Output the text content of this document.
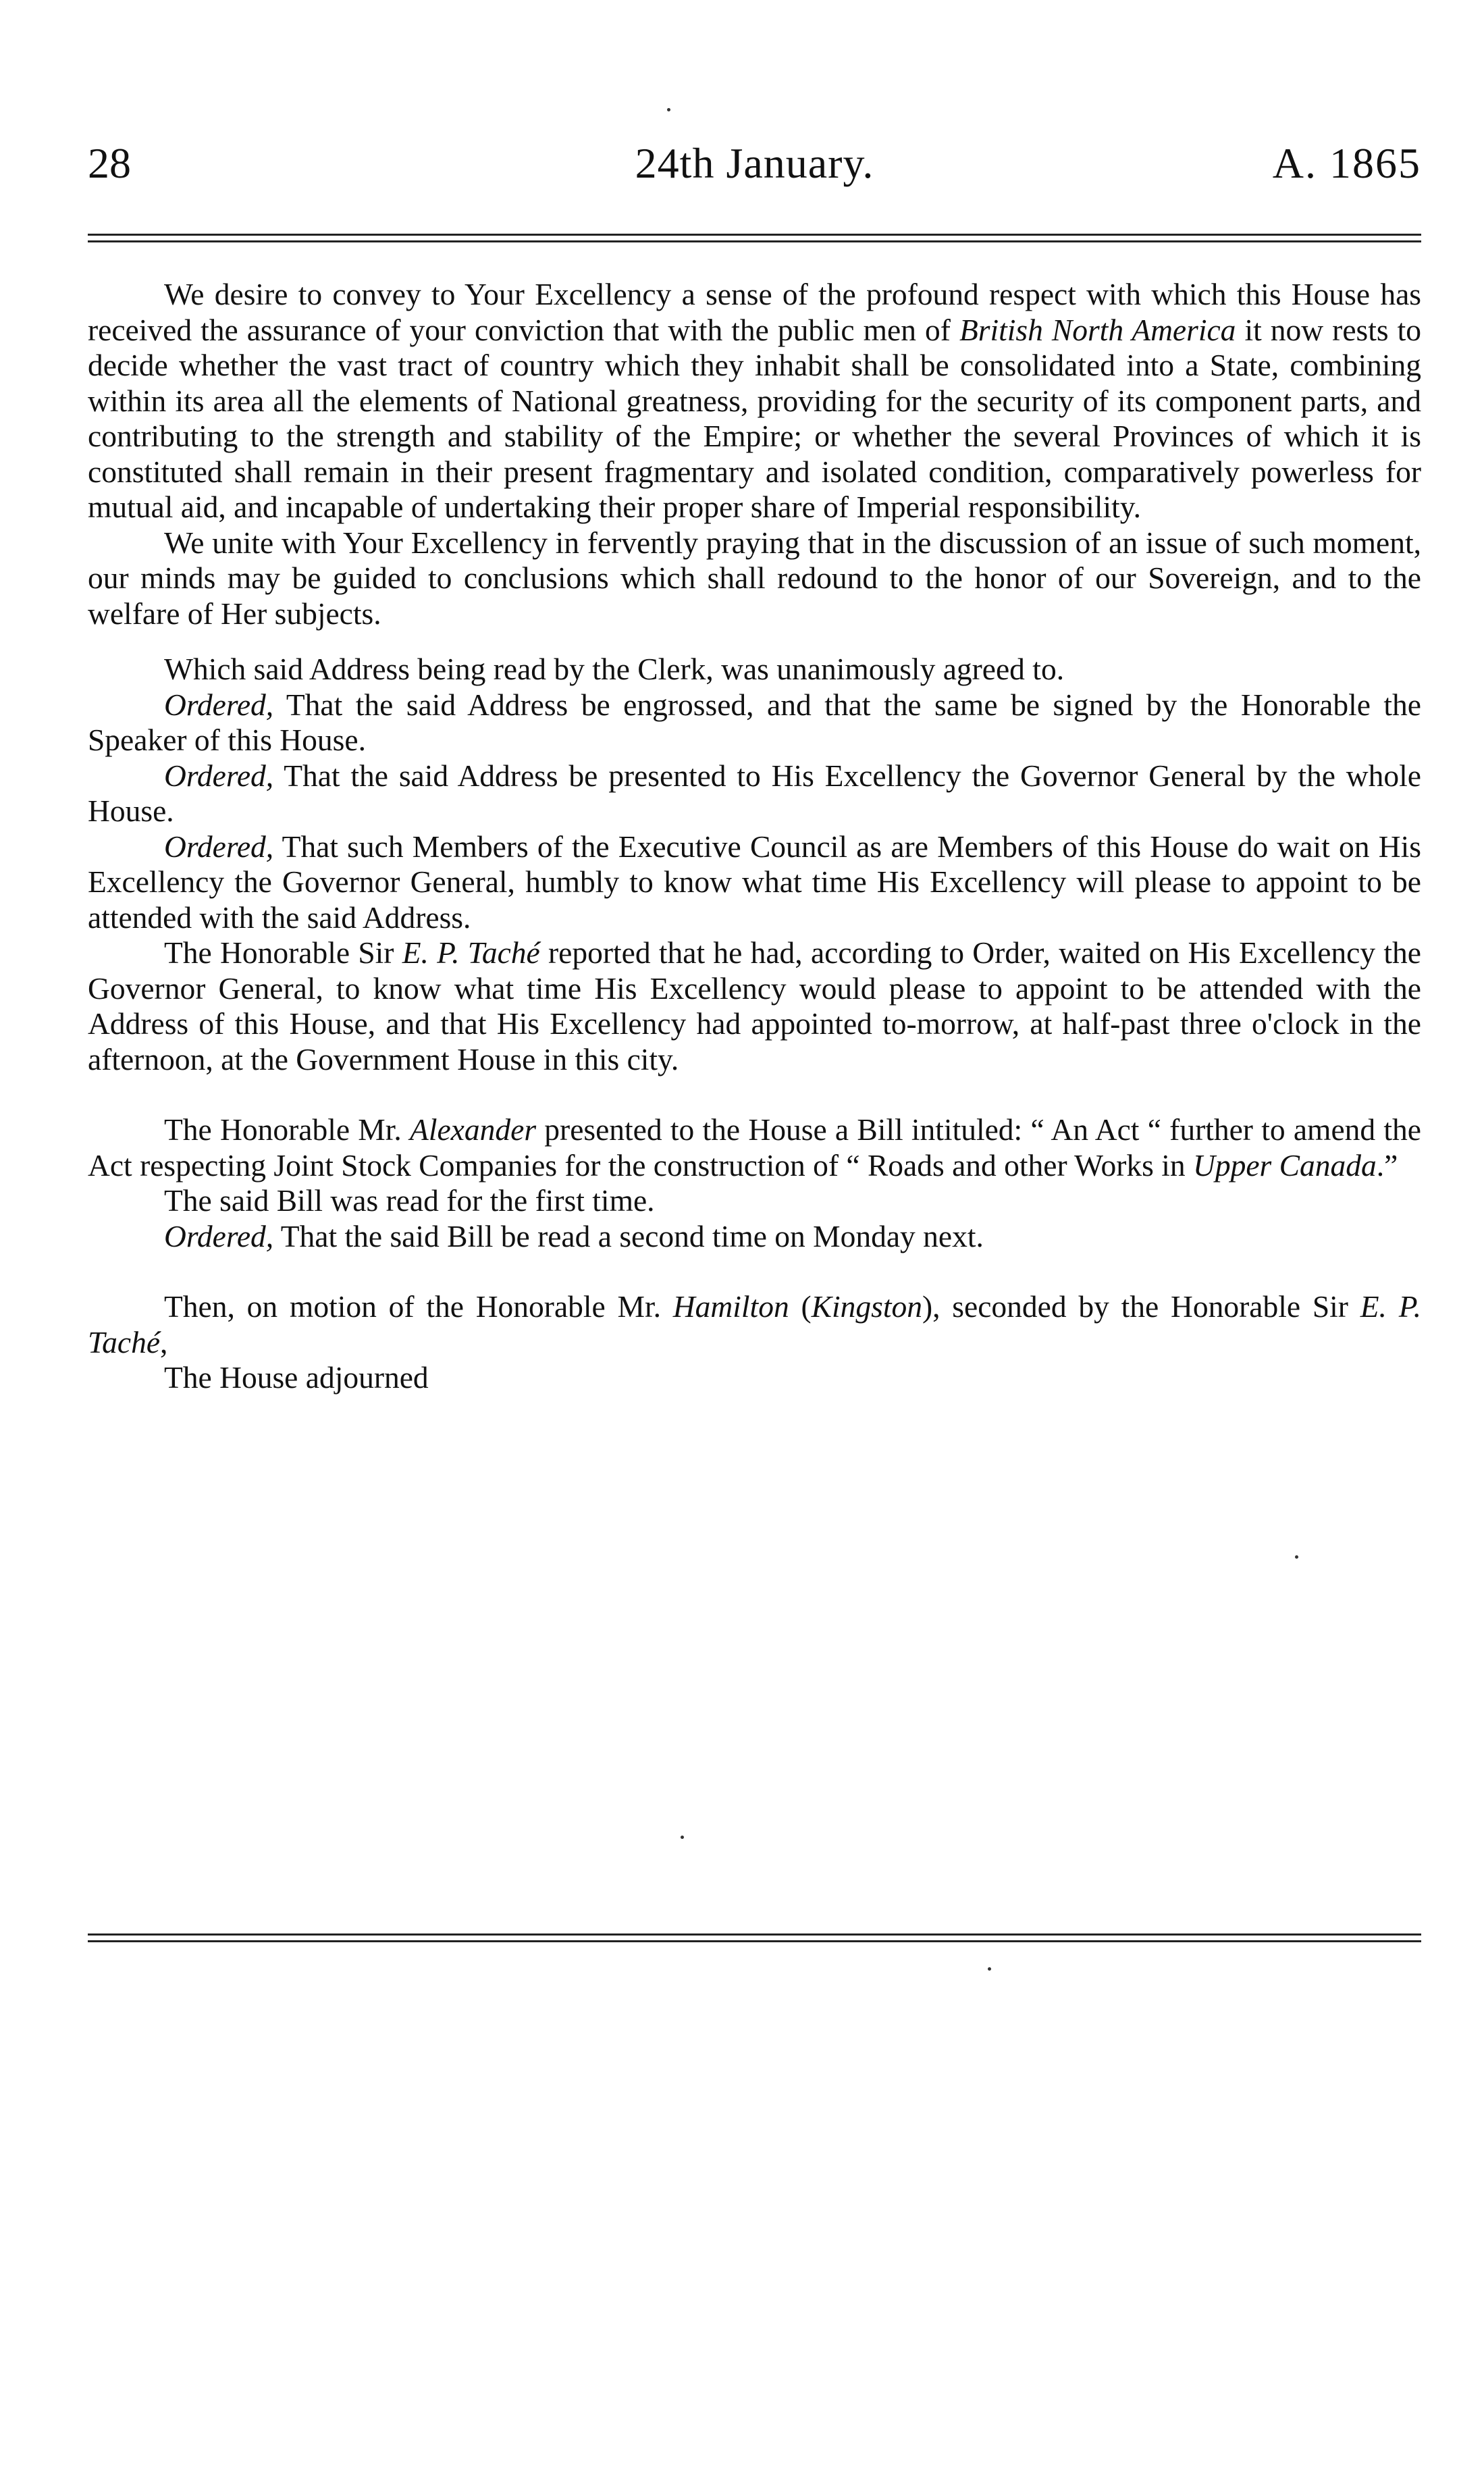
28	24th January.	A. 1865

We desire to convey to Your Excellency a sense of the profound respect with which this House has received the assurance of your conviction that with the public men of British North America it now rests to decide whether the vast tract of country which they inhabit shall be consolidated into a State, combining within its area all the elements of National greatness, providing for the security of its component parts, and contributing to the strength and stability of the Empire; or whether the several Provinces of which it is constituted shall remain in their present fragmentary and isolated condition, comparatively powerless for mutual aid, and incapable of undertaking their proper share of Imperial responsibility.

We unite with Your Excellency in fervently praying that in the discussion of an issue of such moment, our minds may be guided to conclusions which shall redound to the honor of our Sovereign, and to the welfare of Her subjects.

Which said Address being read by the Clerk, was unanimously agreed to.

Ordered, That the said Address be engrossed, and that the same be signed by the Honorable the Speaker of this House.

Ordered, That the said Address be presented to His Excellency the Governor General by the whole House.

Ordered, That such Members of the Executive Council as are Members of this House do wait on His Excellency the Governor General, humbly to know what time His Excellency will please to appoint to be attended with the said Address.

The Honorable Sir E. P. Taché reported that he had, according to Order, waited on His Excellency the Governor General, to know what time His Excellency would please to appoint to be attended with the Address of this House, and that His Excellency had appointed to-morrow, at half-past three o'clock in the afternoon, at the Government House in this city.

The Honorable Mr. Alexander presented to the House a Bill intituled: “ An Act “ further to amend the Act respecting Joint Stock Companies for the construction of “ Roads and other Works in Upper Canada.”

The said Bill was read for the first time.

Ordered, That the said Bill be read a second time on Monday next.

Then, on motion of the Honorable Mr. Hamilton (Kingston), seconded by the Honorable Sir E. P. Taché,

The House adjourned
